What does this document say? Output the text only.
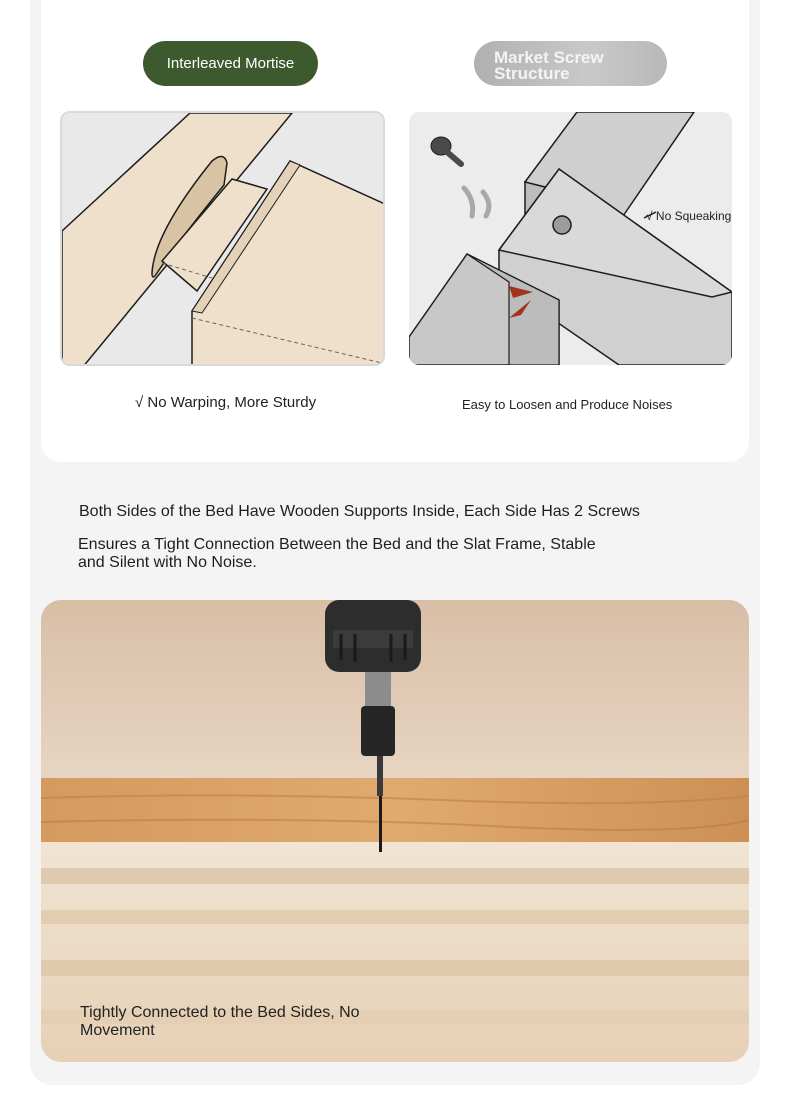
Interleaved Mortise	Market Screw Structure
√ No Squeaking
√ No Warping, More Sturdy	Easy to Loosen and Produce Noises
Both Sides of the Bed Have Wooden Supports Inside, Each Side Has 2 Screws
Ensures a Tight Connection Between the Bed and the Slat Frame, Stable and Silent with No Noise.
Tightly Connected to the Bed Sides, No Movement
